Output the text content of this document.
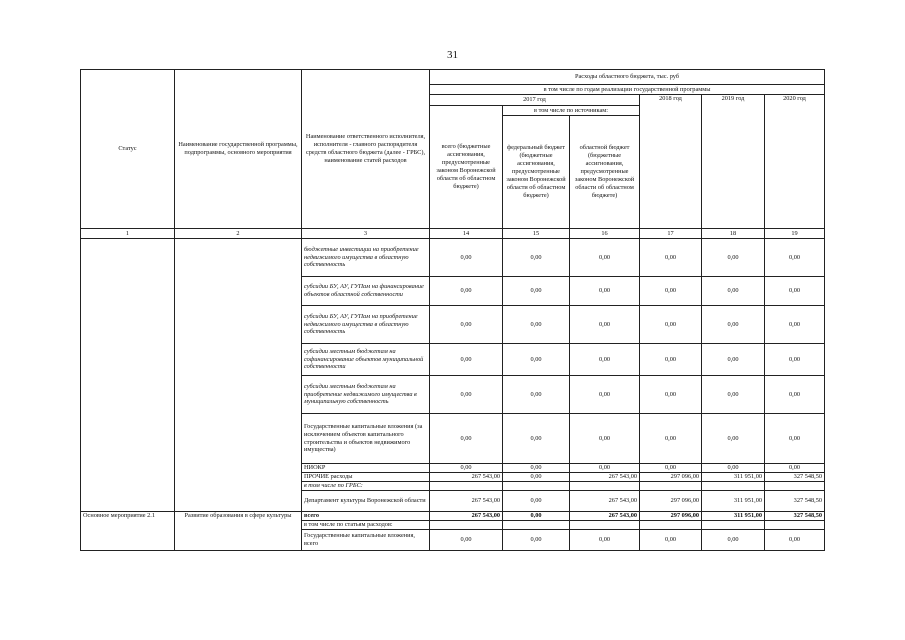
31
Статус	Наименование государственной программы, подпрограммы, основного мероприятия	Наименование ответственного исполнителя, исполнителя - главного распорядителя средств областного бюджета (далее - ГРБС), наименование статей расходов	Расходы областного бюджета, тыс. руб					
			в том числе по годам реализации государственной программы					
			2017 год			2018 год	2019 год	2020 год
			всего (бюджетные ассигнования, предусмотренные законом Воронежской области об областном бюджете)	в том числе по источникам:				
				федеральный бюджет (бюджетные ассигнования, предусмотренные законом Воронежской области об областном бюджете)	областной бюджет (бюджетные ассигнования, предусмотренные законом Воронежской области об областном бюджете)			
1	2	3	14	15	16	17	18	19
		бюджетные инвестиции на приобретение недвижимого имущества в областную собственность	0,00	0,00	0,00	0,00	0,00	0,00
		субсидии БУ, АУ, ГУПам на финансирование объектов областной собственности	0,00	0,00	0,00	0,00	0,00	0,00
		субсидии БУ, АУ, ГУПам на приобретение недвижимого имущества в областную собственность	0,00	0,00	0,00	0,00	0,00	0,00
		субсидии местным бюджетам на софинансирование объектов муниципальной собственности	0,00	0,00	0,00	0,00	0,00	0,00
		субсидии местным бюджетам на приобретение недвижимого имущества в муниципальную собственность	0,00	0,00	0,00	0,00	0,00	0,00
		Государственные капитальные вложения (за исключением объектов капитального строительства и объектов недвижимого имущества)	0,00	0,00	0,00	0,00	0,00	0,00
		НИОКР	0,00	0,00	0,00	0,00	0,00	0,00
		ПРОЧИЕ расходы	267 543,00	0,00	267 543,00	297 096,00	311 951,00	327 548,50
		в том числе по ГРБС:						
		Департамент культуры Воронежской области	267 543,00	0,00	267 543,00	297 096,00	311 951,00	327 548,50
Основное мероприятие 2.1	Развитие образования в сфере культуры	всего	267 543,00	0,00	267 543,00	297 096,00	311 951,00	327 548,50
		в том числе по статьям расходов:						
		Государственные капитальные вложения, всего	0,00	0,00	0,00	0,00	0,00	0,00
